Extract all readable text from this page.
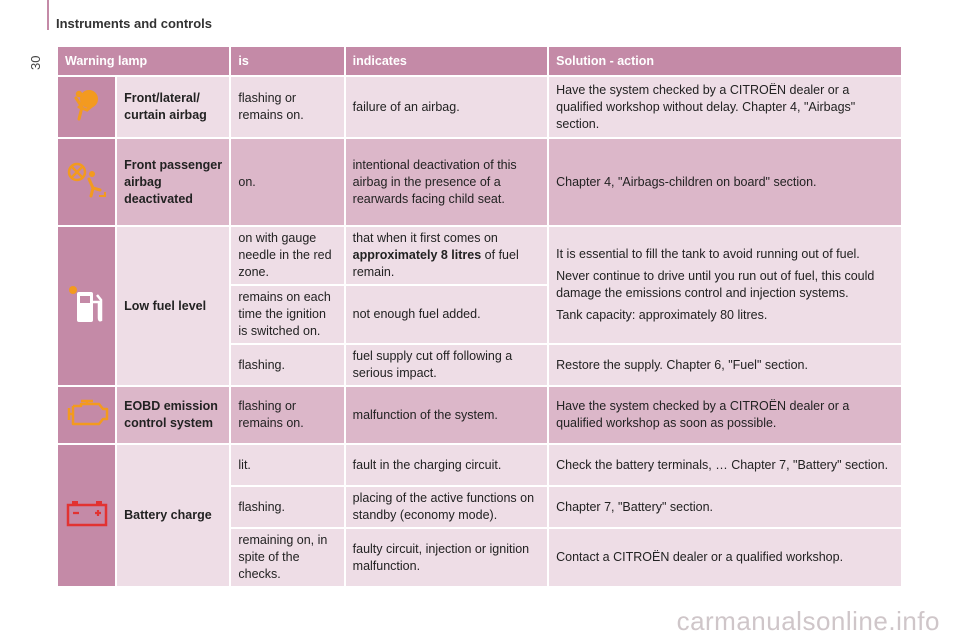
30
Instruments and controls
Warning lamp		is	indicates	Solution - action
	Front/lateral/ curtain airbag	flashing or remains on.	failure of an airbag.	Have the system checked by a CITROËN dealer or a qualified workshop without delay. Chapter 4, "Airbags" section.
	Front passenger airbag deactivated	on.	intentional deactivation of this airbag in the presence of a rearwards facing child seat.	Chapter 4, "Airbags-children on board" section.
	Low fuel level	on with gauge needle in the red zone.	that when it first comes on approximately 8 litres of fuel remain.	It is essential to fill the tank to avoid running out of fuel.

Never continue to drive until you run out of fuel, this could damage the emissions control and injection systems.

Tank capacity: approximately 80 litres.

		remains on each time the ignition is switched on.	not enough fuel added.	
		flashing.	fuel supply cut off following a serious impact.	Restore the supply. Chapter 6, "Fuel" section.
	EOBD emission control system	flashing or remains on.	malfunction of the system.	Have the system checked by a CITROËN dealer or a qualified workshop as soon as possible.
	Battery charge	lit.	fault in the charging circuit.	Check the battery terminals, … Chapter 7, "Battery" section.
		flashing.	placing of the active functions on standby (economy mode).	Chapter 7, "Battery" section.
		remaining on, in spite of the checks.	faulty circuit, injection or ignition malfunction.	Contact a CITROËN dealer or a qualified workshop.
carmanualsonline.info
